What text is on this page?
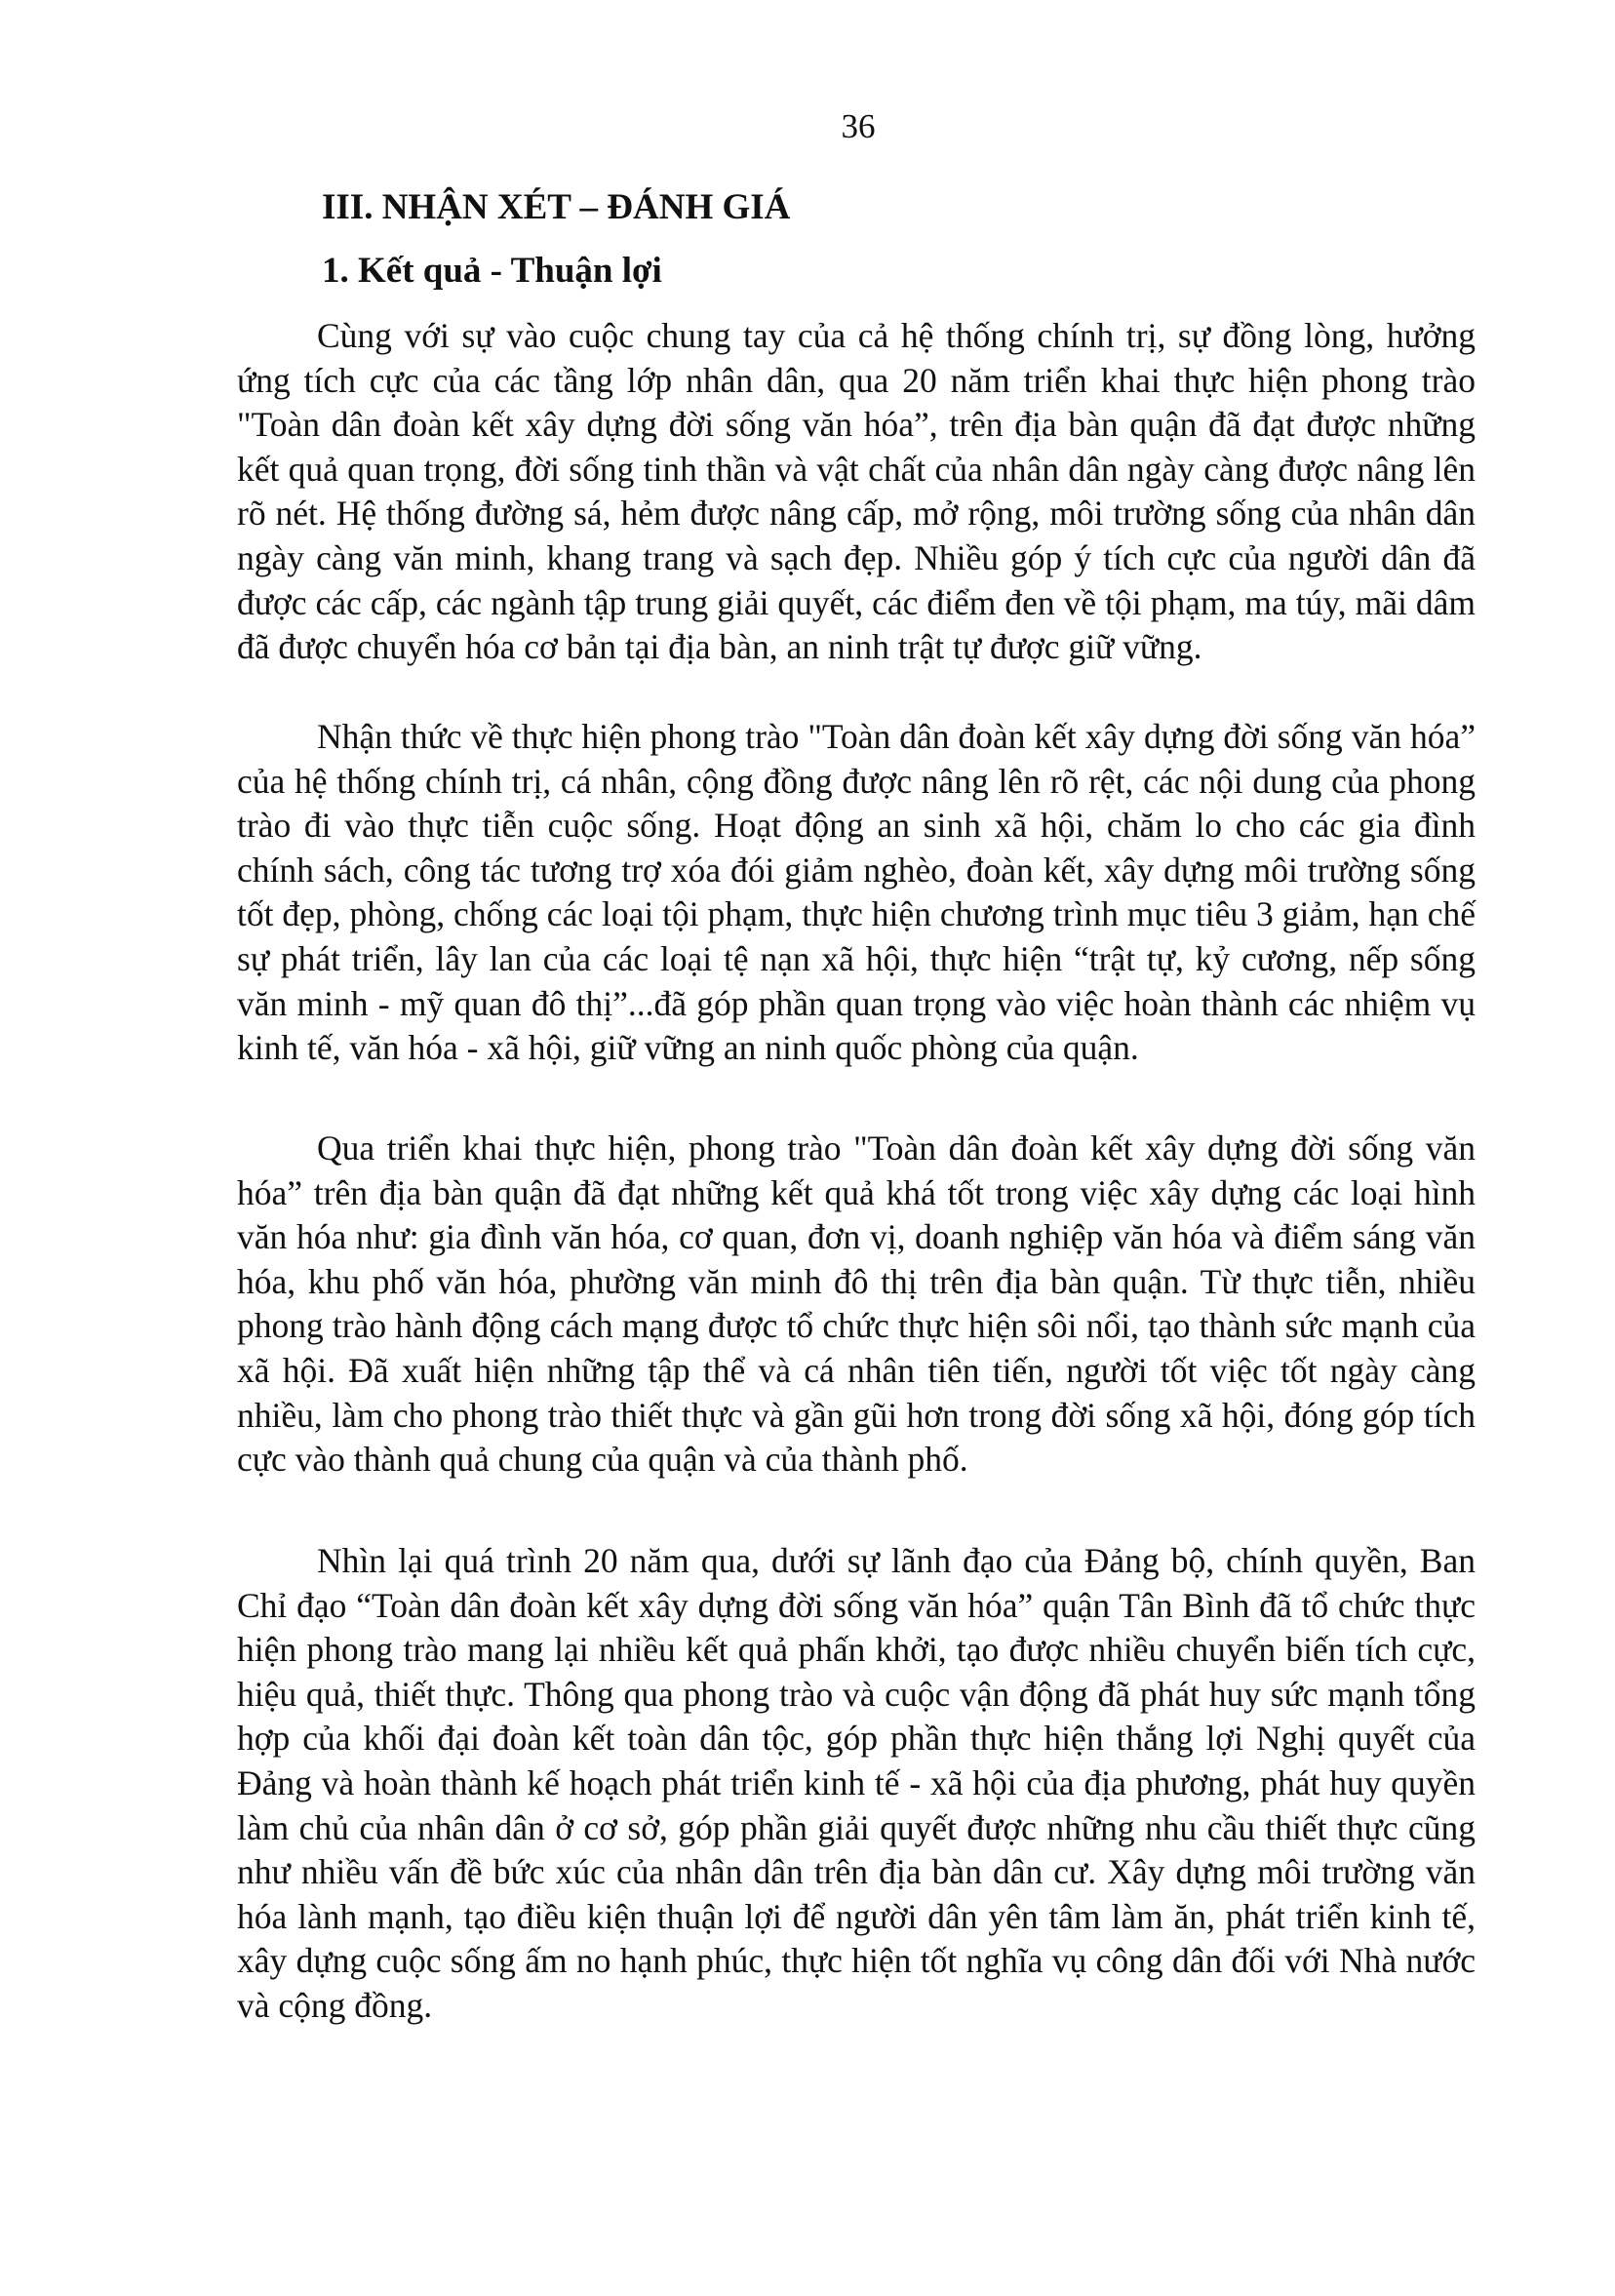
36
III. NHẬN XÉT – ĐÁNH GIÁ
1. Kết quả - Thuận lợi

Cùng với sự vào cuộc chung tay của cả hệ thống chính trị, sự đồng lòng, hưởng ứng tích cực của các tầng lớp nhân dân, qua 20 năm triển khai thực hiện phong trào "Toàn dân đoàn kết xây dựng đời sống văn hóa”, trên địa bàn quận đã đạt được những kết quả quan trọng, đời sống tinh thần và vật chất của nhân dân ngày càng được nâng lên rõ nét. Hệ thống đường sá, hẻm được nâng cấp, mở rộng, môi trường sống của nhân dân ngày càng văn minh, khang trang và sạch đẹp. Nhiều góp ý tích cực của người dân đã được các cấp, các ngành tập trung giải quyết, các điểm đen về tội phạm, ma túy, mãi dâm đã được chuyển hóa cơ bản tại địa bàn, an ninh trật tự được giữ vững.

Nhận thức về thực hiện phong trào "Toàn dân đoàn kết xây dựng đời sống văn hóa” của hệ thống chính trị, cá nhân, cộng đồng được nâng lên rõ rệt, các nội dung của phong trào đi vào thực tiễn cuộc sống. Hoạt động an sinh xã hội, chăm lo cho các gia đình chính sách, công tác tương trợ xóa đói giảm nghèo, đoàn kết, xây dựng môi trường sống tốt đẹp, phòng, chống các loại tội phạm, thực hiện chương trình mục tiêu 3 giảm, hạn chế sự phát triển, lây lan của các loại tệ nạn xã hội, thực hiện “trật tự, kỷ cương, nếp sống văn minh - mỹ quan đô thị”...đã góp phần quan trọng vào việc hoàn thành các nhiệm vụ kinh tế, văn hóa - xã hội, giữ vững an ninh quốc phòng của quận.

Qua triển khai thực hiện, phong trào "Toàn dân đoàn kết xây dựng đời sống văn hóa” trên địa bàn quận đã đạt những kết quả khá tốt trong việc xây dựng các loại hình văn hóa như: gia đình văn hóa, cơ quan, đơn vị, doanh nghiệp văn hóa và điểm sáng văn hóa, khu phố văn hóa, phường văn minh đô thị trên địa bàn quận. Từ thực tiễn, nhiều phong trào hành động cách mạng được tổ chức thực hiện sôi nổi, tạo thành sức mạnh của xã hội. Đã xuất hiện những tập thể và cá nhân tiên tiến, người tốt việc tốt ngày càng nhiều, làm cho phong trào thiết thực và gần gũi hơn trong đời sống xã hội, đóng góp tích cực vào thành quả chung của quận và của thành phố.

Nhìn lại quá trình 20 năm qua, dưới sự lãnh đạo của Đảng bộ, chính quyền, Ban Chỉ đạo “Toàn dân đoàn kết xây dựng đời sống văn hóa” quận Tân Bình đã tổ chức thực hiện phong trào mang lại nhiều kết quả phấn khởi, tạo được nhiều chuyển biến tích cực, hiệu quả, thiết thực. Thông qua phong trào và cuộc vận động đã phát huy sức mạnh tổng hợp của khối đại đoàn kết toàn dân tộc, góp phần thực hiện thắng lợi Nghị quyết của Đảng và hoàn thành kế hoạch phát triển kinh tế - xã hội của địa phương, phát huy quyền làm chủ của nhân dân ở cơ sở, góp phần giải quyết được những nhu cầu thiết thực cũng như nhiều vấn đề bức xúc của nhân dân trên địa bàn dân cư. Xây dựng môi trường văn hóa lành mạnh, tạo điều kiện thuận lợi để người dân yên tâm làm ăn, phát triển kinh tế, xây dựng cuộc sống ấm no hạnh phúc, thực hiện tốt nghĩa vụ công dân đối với Nhà nước và cộng đồng.
